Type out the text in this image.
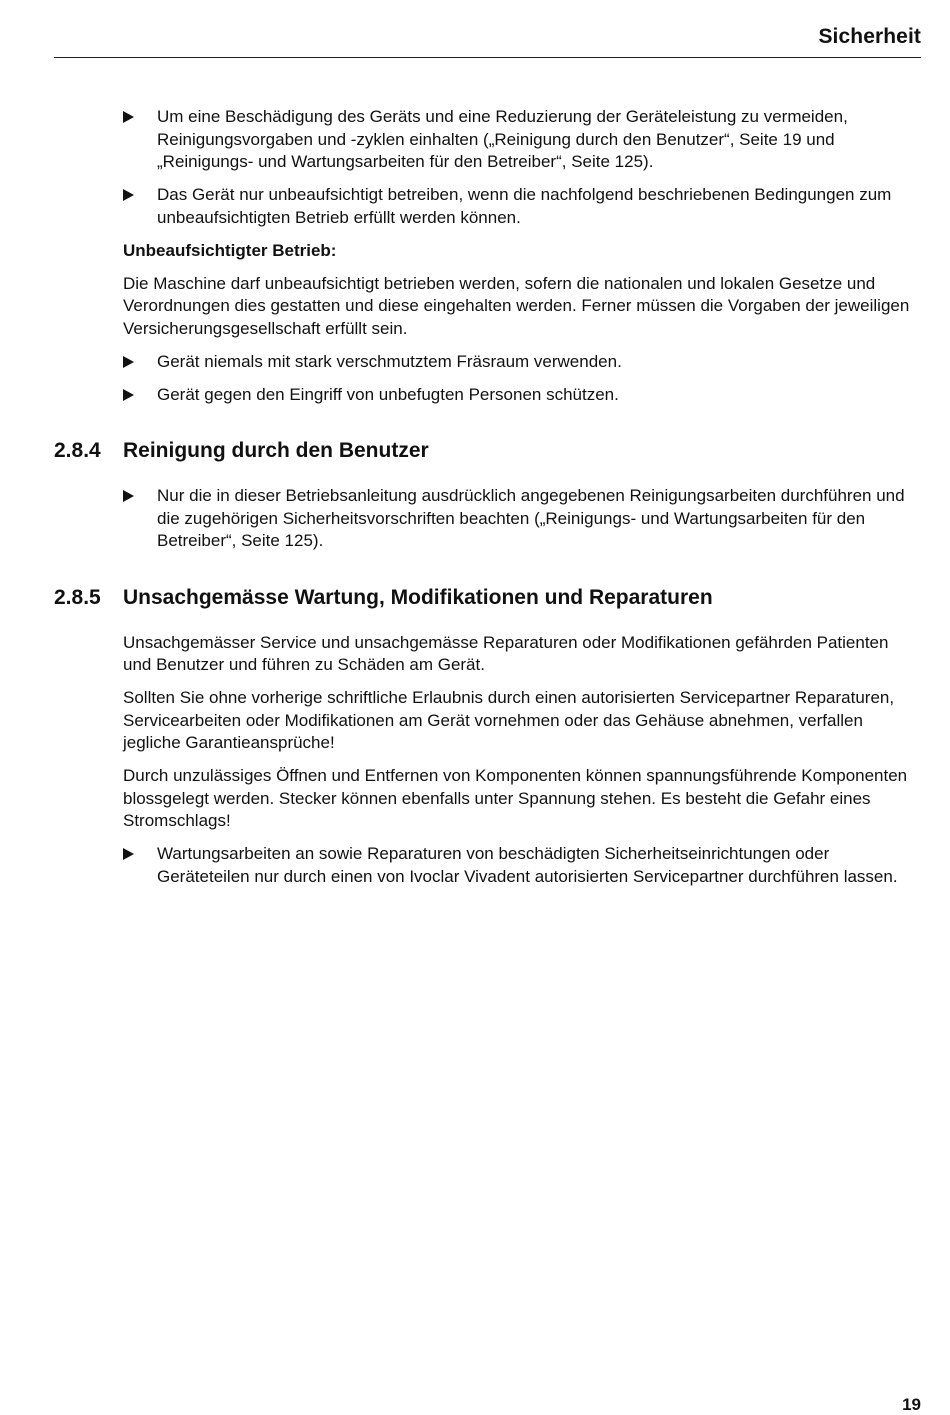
Sicherheit
Um eine Beschädigung des Geräts und eine Reduzierung der Geräteleistung zu vermeiden, Reinigungsvorgaben und -zyklen einhalten („Reinigung durch den Benutzer“, Seite 19 und „Reinigungs- und Wartungsarbeiten für den Betreiber“, Seite 125).
Das Gerät nur unbeaufsichtigt betreiben, wenn die nachfolgend beschriebenen Bedingungen zum unbeaufsichtigten Betrieb erfüllt werden können.
Unbeaufsichtigter Betrieb:
Die Maschine darf unbeaufsichtigt betrieben werden, sofern die nationalen und lokalen Gesetze und Verordnungen dies gestatten und diese eingehalten werden. Ferner müssen die Vorgaben der jeweiligen Versicherungsgesellschaft erfüllt sein.
Gerät niemals mit stark verschmutztem Fräsraum verwenden.
Gerät gegen den Eingriff von unbefugten Personen schützen.
2.8.4	Reinigung durch den Benutzer
Nur die in dieser Betriebsanleitung ausdrücklich angegebenen Reinigungsarbeiten durchführen und die zugehörigen Sicherheitsvorschriften beachten („Reinigungs- und Wartungsarbeiten für den Betreiber“, Seite 125).
2.8.5	Unsachgemässe Wartung, Modifikationen und Reparaturen
Unsachgemässer Service und unsachgemässe Reparaturen oder Modifikationen gefährden Patienten und Benutzer und führen zu Schäden am Gerät.
Sollten Sie ohne vorherige schriftliche Erlaubnis durch einen autorisierten Servicepartner Reparaturen, Servicearbeiten oder Modifikationen am Gerät vornehmen oder das Gehäuse abnehmen, verfallen jegliche Garantieansprüche!
Durch unzulässiges Öffnen und Entfernen von Komponenten können spannungsführende Komponenten blossgelegt werden. Stecker können ebenfalls unter Spannung stehen. Es besteht die Gefahr eines Stromschlags!
Wartungsarbeiten an sowie Reparaturen von beschädigten Sicherheitseinrichtungen oder Geräteteilen nur durch einen von Ivoclar Vivadent autorisierten Servicepartner durchführen lassen.
19
